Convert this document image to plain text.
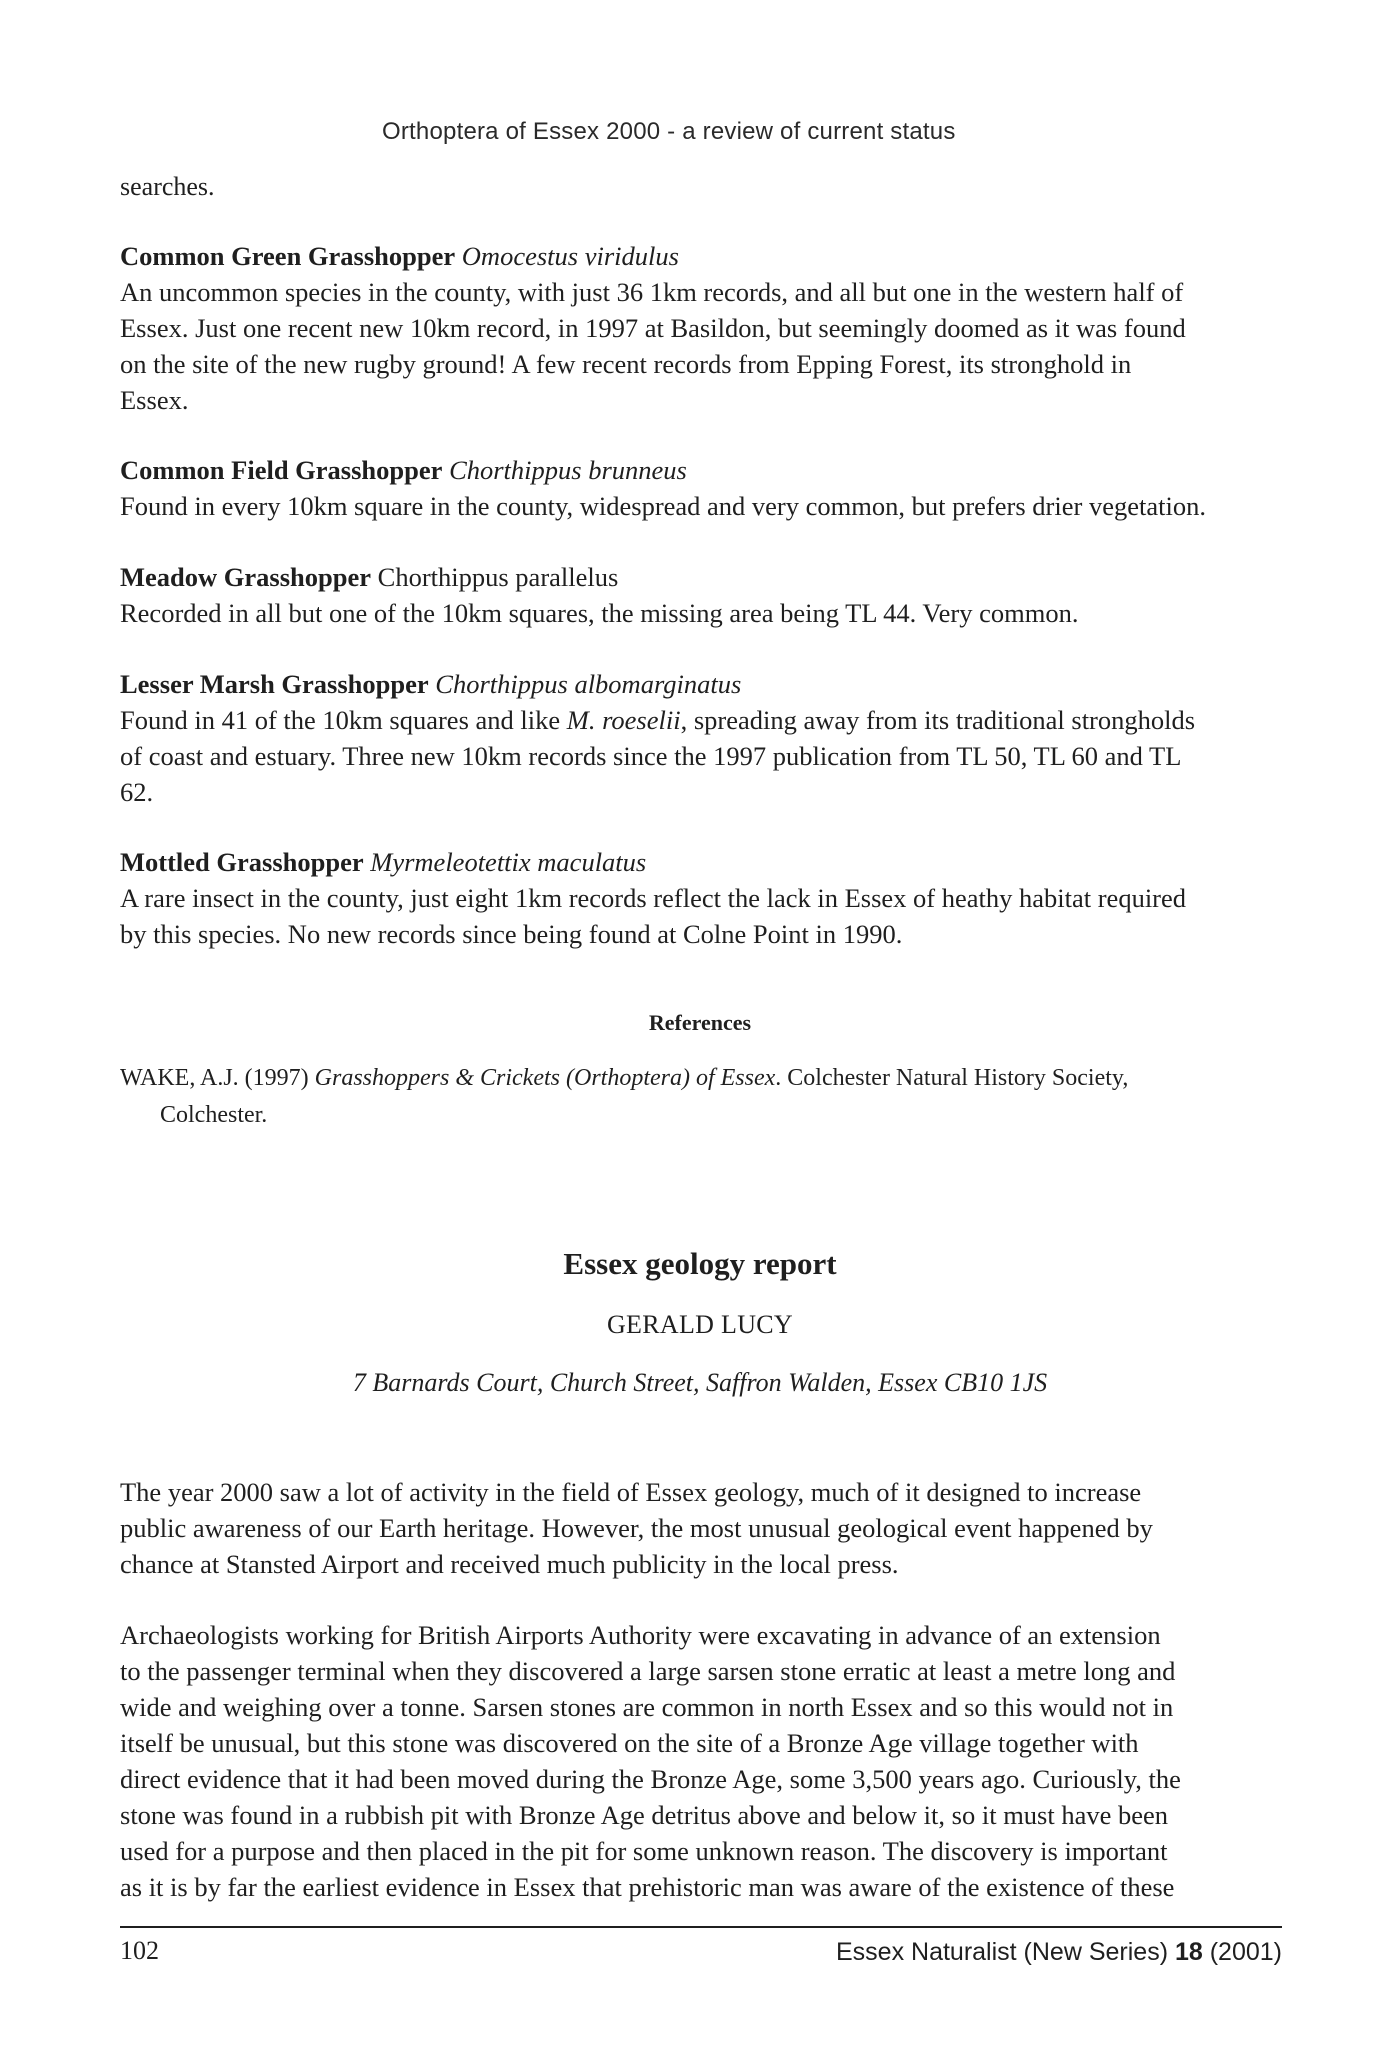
Orthoptera of Essex 2000 - a review of current status
searches.
Common Green Grasshopper Omocestus viridulus

An uncommon species in the county, with just 36 1km records, and all but one in the western half of

Essex. Just one recent new 10km record, in 1997 at Basildon, but seemingly doomed as it was found

on the site of the new rugby ground! A few recent records from Epping Forest, its stronghold in

Essex.

Common Field Grasshopper Chorthippus brunneus

Found in every 10km square in the county, widespread and very common, but prefers drier vegetation.

Meadow Grasshopper Chorthippus parallelus

Recorded in all but one of the 10km squares, the missing area being TL 44. Very common.

Lesser Marsh Grasshopper Chorthippus albomarginatus

Found in 41 of the 10km squares and like M. roeselii, spreading away from its traditional strongholds

of coast and estuary. Three new 10km records since the 1997 publication from TL 50, TL 60 and TL

62.

Mottled Grasshopper Myrmeleotettix maculatus

A rare insect in the county, just eight 1km records reflect the lack in Essex of heathy habitat required

by this species. No new records since being found at Colne Point in 1990.

References
WAKE, A.J. (1997) Grasshoppers & Crickets (Orthoptera) of Essex. Colchester Natural History Society,
Colchester.
Essex geology report
GERALD LUCY
7 Barnards Court, Church Street, Saffron Walden, Essex CB10 1JS

The year 2000 saw a lot of activity in the field of Essex geology, much of it designed to increase

public awareness of our Earth heritage. However, the most unusual geological event happened by

chance at Stansted Airport and received much publicity in the local press.

Archaeologists working for British Airports Authority were excavating in advance of an extension

to the passenger terminal when they discovered a large sarsen stone erratic at least a metre long and

wide and weighing over a tonne. Sarsen stones are common in north Essex and so this would not in

itself be unusual, but this stone was discovered on the site of a Bronze Age village together with

direct evidence that it had been moved during the Bronze Age, some 3,500 years ago. Curiously, the

stone was found in a rubbish pit with Bronze Age detritus above and below it, so it must have been

used for a purpose and then placed in the pit for some unknown reason. The discovery is important

as it is by far the earliest evidence in Essex that prehistoric man was aware of the existence of these

102	Essex Naturalist (New Series) 18 (2001)
